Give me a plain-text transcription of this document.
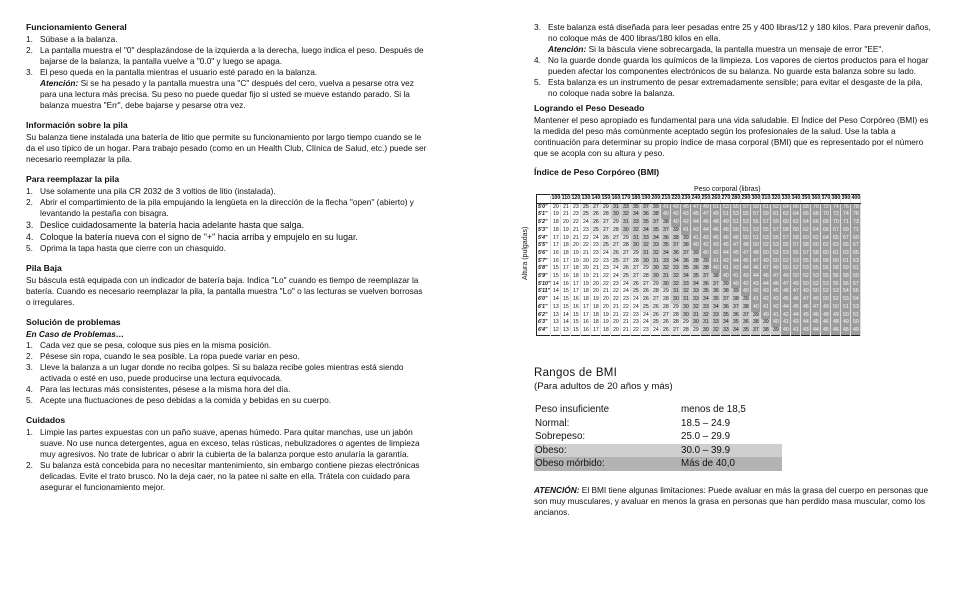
Funcionamiento General
1. Súbase a la balanza.
2. La pantalla muestra el "0" desplazándose de la izquierda a la derecha, luego indica el peso. Después de bajarse de la balanza, la pantalla vuelve a "0.0" y luego se apaga.
3. El peso queda en la pantalla mientras el usuario esté parado en la balanza.

Atención: Si se ha pesado y la pantalla muestra una "C" después del cero, vuelva a pesarse otra vez para una lectura más precisa. Su peso no puede quedar fijo si usted se mueve estando parado. Si la balanza muestra "Err", debe bajarse y pesarse otra vez.

Información sobre la pila

Su balanza tiene instalada una batería de litio que permite su funcionamiento por largo tiempo cuando se le da el uso típico de un hogar. Para trabajo pesado (como en un Health Club, Clínica de Salud, etc.) puede ser necesario reemplazar la pila.

Para reemplazar la pila
1. Use solamente una pila CR 2032 de 3 voltios de litio (instalada).
2. Abrir el compartimiento de la pila empujando la lengüeta en la dirección de la flecha "open" (abierto) y levantando la pestaña con bisagra.
3. Deslice cuidadosamente la batería hacia adelante hasta que salga.
4. Coloque la batería nueva con el signo de "+" hacia arriba y empujelo en su lugar.
5. Oprima la tapa hasta que cierre con un chasquido.
Pila Baja

Su báscula está equipada con un indicador de batería baja. Indica "Lo" cuando es tiempo de reemplazar la batería. Cuando es necesario reemplazar la pila, la pantalla muestra "Lo" o las lecturas se vuelven borrosas o irregulares.

Solución de problemas

En Caso de Problemas…

1. Cada vez que se pesa, coloque sus pies en la misma posición.
2. Pésese sin ropa, cuando le sea posible. La ropa puede variar en peso.
3. Lleve la balanza a un lugar donde no reciba golpes. Si su balaza recibe goles mientras está siendo activada o esté en uso, puede producirse una lectura equivocada.
4. Para las lecturas más consistentes, pésese a la misma hora del día.
5. Acepte una fluctuaciones de peso debidas a la comida y bebidas en su cuerpo.
Cuidados
1. Limpie las partes expuestas con un paño suave, apenas húmedo. Para quitar manchas, use un jabón suave. No use nunca detergentes, agua en exceso, telas rústicas, nebulizadores o agentes de limpieza muy agresivos. No trate de lubricar o abrir la cubierta de la balanza porque esto anularía la garantía.
2. Su balanza está concebida para no necesitar mantenimiento, sin embargo contiene piezas electrónicas delicadas. Evite el trato brusco. No la deja caer, no la patee ni salte en ella. Trátela con cuidado para asegurar el funcionamiento mejor.
3. Este balanza está diseñada para leer pesadas entre 25 y 400 libras/12 y 180 kilos. Para prevenir daños, no coloque más de 400 libras/180 kilos en ella.
Atención: Si la báscula viene sobrecargada, la pantalla muestra un mensaje de error "EE".
4. No la guarde donde guarda los químicos de la limpieza. Los vapores de ciertos productos para el hogar pueden afectar los componentes electrónicos de su balanza. No guarde esta balanza sobre su lado.
5. Esta balanza es un instrumento de pesar extremadamente sensible; para evitar el desgaste de la pila, no coloque nada sobre la balanza.
Logrando el Peso Deseado

Mantener el peso apropiado es fundamental para una vida saludable. El Índice del Peso Corpóreo (BMI) es la medida del peso más comúnmente aceptado según los profesionales de la salud. Use la tabla a continuación para determinar su propio índice de masa corporal (BMI) que es representado por el número que se acopla con su altura y peso.

Índice de Peso Corpóreo (BMI)
Peso corporal (libras)
Altura (pulgadas)
	100	110	120	130	140	150	160	170	180	190	200	210	220	230	240	250	260	270	280	290	300	310	320	330	340	350	360	370	380	390	400
5'0"	20	21	23	25	27	29	31	33	35	37	39	41	43	45	47	49	51	53	55	57	59	61	62	64	66	68	70	72	74	76	78
5'1"	19	21	23	25	26	28	30	32	34	36	38	40	42	43	45	47	49	51	53	55	57	59	61	62	64	66	68	70	72	74	76
5'2"	18	20	22	24	26	27	29	31	33	35	37	38	40	42	44	46	48	49	51	53	55	57	59	60	62	64	66	68	70	71	73
5'3"	18	19	21	23	25	27	28	30	32	34	35	37	39	41	43	44	46	48	50	51	53	55	57	58	60	62	64	66	67	69	71
5'4"	17	19	21	22	24	26	27	29	31	33	34	36	38	39	41	43	45	46	48	50	51	53	55	57	58	60	62	64	65	67	69
5'5"	17	18	20	22	23	25	27	28	30	32	33	35	37	38	40	42	43	45	47	48	50	52	53	55	57	58	60	62	63	65	67
5'6"	16	18	19	21	23	24	26	27	29	31	32	34	36	37	39	40	42	44	45	47	48	50	52	53	55	57	58	60	61	63	65
5'7"	16	17	19	20	22	23	25	27	28	30	31	33	34	36	38	39	41	42	44	45	47	49	50	52	53	55	56	58	60	61	63
5'8"	15	17	18	20	21	23	24	26	27	29	30	32	33	35	36	38	40	41	43	44	46	47	49	50	52	53	55	56	58	59	61
5'9"	15	16	18	19	21	22	24	25	27	28	30	31	32	34	35	37	38	40	41	43	44	46	47	49	50	52	53	55	56	58	59
5'10"	14	16	17	19	20	22	23	24	26	27	29	30	32	33	34	36	37	39	40	42	43	44	46	47	49	50	52	53	55	56	57
5'11"	14	15	17	18	20	21	22	24	25	26	28	29	31	32	33	35	36	38	39	40	42	43	45	46	47	49	50	52	53	54	56
6'0"	14	15	16	18	19	20	22	23	24	26	27	28	30	31	33	34	35	37	38	39	41	42	43	45	46	47	49	50	52	53	54
6'1"	13	15	16	17	18	20	21	22	24	25	26	28	29	30	32	33	34	36	37	38	40	41	42	44	45	46	47	49	50	51	53
6'2"	13	14	15	17	18	19	21	22	23	24	26	27	28	30	31	32	33	35	36	37	39	40	41	42	44	45	46	48	49	50	51
6'3"	13	14	15	16	18	19	20	21	23	24	25	26	28	29	30	31	33	34	35	36	38	39	40	41	43	44	45	46	48	49	50
6'4"	12	13	15	16	17	18	20	21	22	23	24	26	27	28	29	30	32	33	34	35	37	38	39	40	41	43	44	45	46	48	49
Rangos de BMI
(Para adultos de 20 años y más)
Peso insuficiente	menos de 18,5
Normal:	18.5 – 24.9
Sobrepeso:	25.0 – 29.9
Obeso:	30.0 – 39.9
Obeso mórbido:	Más de 40,0

ATENCIÓN: El BMI tiene algunas limitaciones: Puede avaluar en más la grasa del cuerpo en personas que son muy musculares, y avaluar en menos la grasa en personas que han perdido masa muscular, como los ancianos.
